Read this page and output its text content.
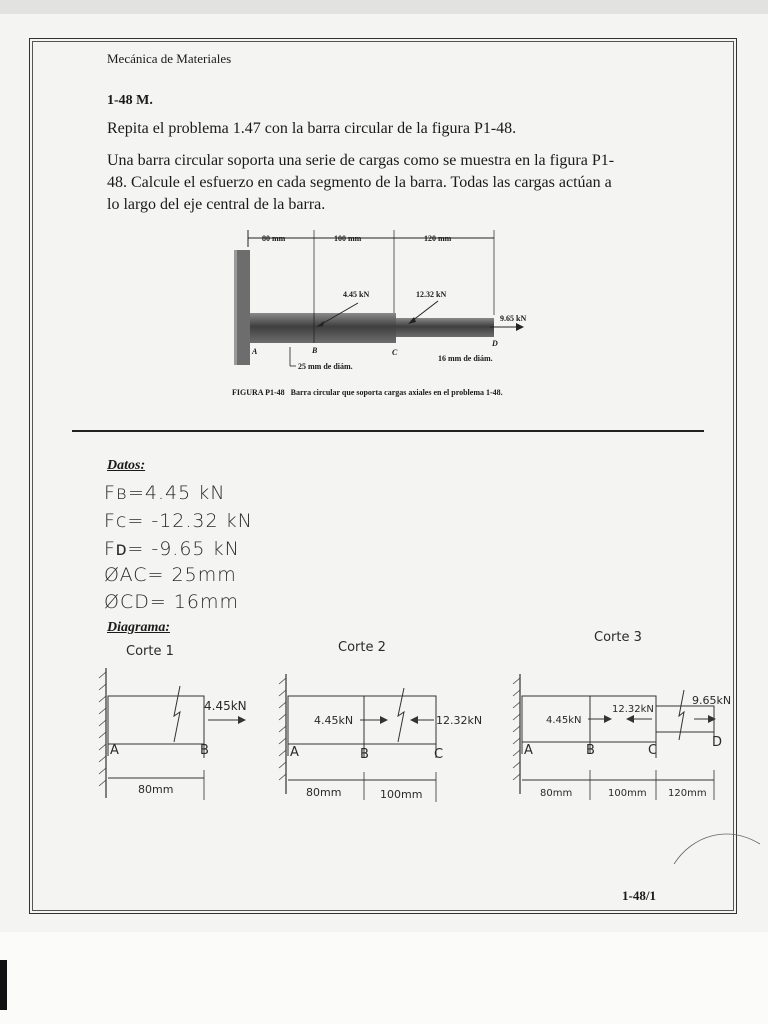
Mecánica de Materiales
1-48 M.
Repita el problema 1.47 con la barra circular de la figura P1-48.
Una barra circular soporta una serie de cargas como se muestra en la figura P1-
48. Calcule el esfuerzo en cada segmento de la barra. Todas las cargas actúan a
lo largo del eje central de la barra.
80 mm	100 mm	120 mm
4.45 kN	12.32 kN
9.65 kN
A	B	C
D
25 mm de diám.
16 mm de diám.
FIGURA P1-48 Barra circular que soporta cargas axiales en el problema 1-48.
Datos:
Fʙ=4.45 kN
Fc= -12.32 kN
Fᴅ= -9.65 kN
ØAC= 25mm
ØCD= 16mm
Diagrama:
Corte 1
4.45kN
A	B
80mm
Corte 2
4.45kN	12.32kN
A	B	C
80mm	100mm
Corte 3
4.45kN
12.32kN
9.65kN
A	B	C
D
80mm	100mm 120mm
1-48/1
